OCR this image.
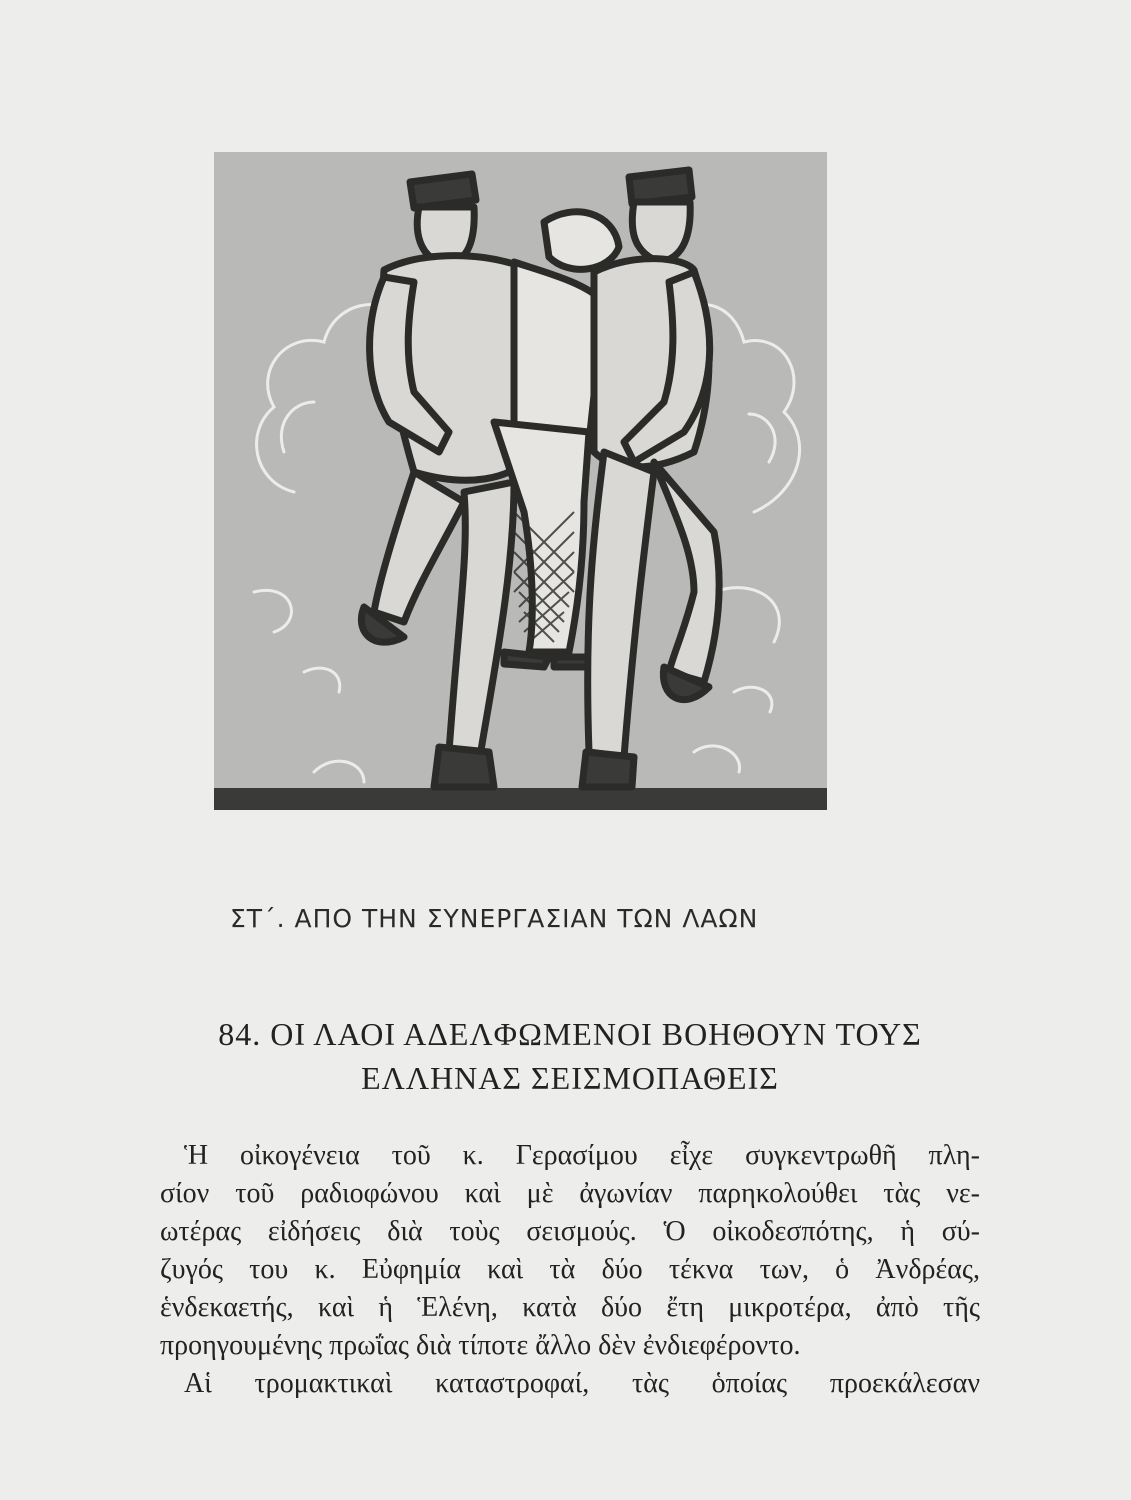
ΣΤ΄. ΑΠΟ ΤΗΝ ΣΥΝΕΡΓΑΣΙΑΝ ΤΩΝ ΛΑΩΝ
84. ΟΙ ΛΑΟΙ ΑΔΕΛΦΩΜΕΝΟΙ ΒΟΗΘΟΥΝ ΤΟΥΣ
ΕΛΛΗΝΑΣ ΣΕΙΣΜΟΠΑΘΕΙΣ
Ἡ οἰκογένεια τοῦ κ. Γερασίμου εἶχε συγκεντρωθῆ πλη-
σίον τοῦ ραδιοφώνου καὶ μὲ ἀγωνίαν παρηκολούθει τὰς νε-
ωτέρας εἰδήσεις διὰ τοὺς σεισμούς. Ὁ οἰκοδεσπότης, ἡ σύ-
ζυγός του κ. Εὐφημία καὶ τὰ δύο τέκνα των, ὁ Ἀνδρέας,
ἑνδεκαετής, καὶ ἡ Ἑλένη, κατὰ δύο ἔτη μικροτέρα, ἀπὸ τῆς
προηγουμένης πρωΐας διὰ τίποτε ἄλλο δὲν ἐνδιεφέροντο.
Αἱ τρομακτικαὶ καταστροφαί, τὰς ὁποίας προεκάλεσαν
